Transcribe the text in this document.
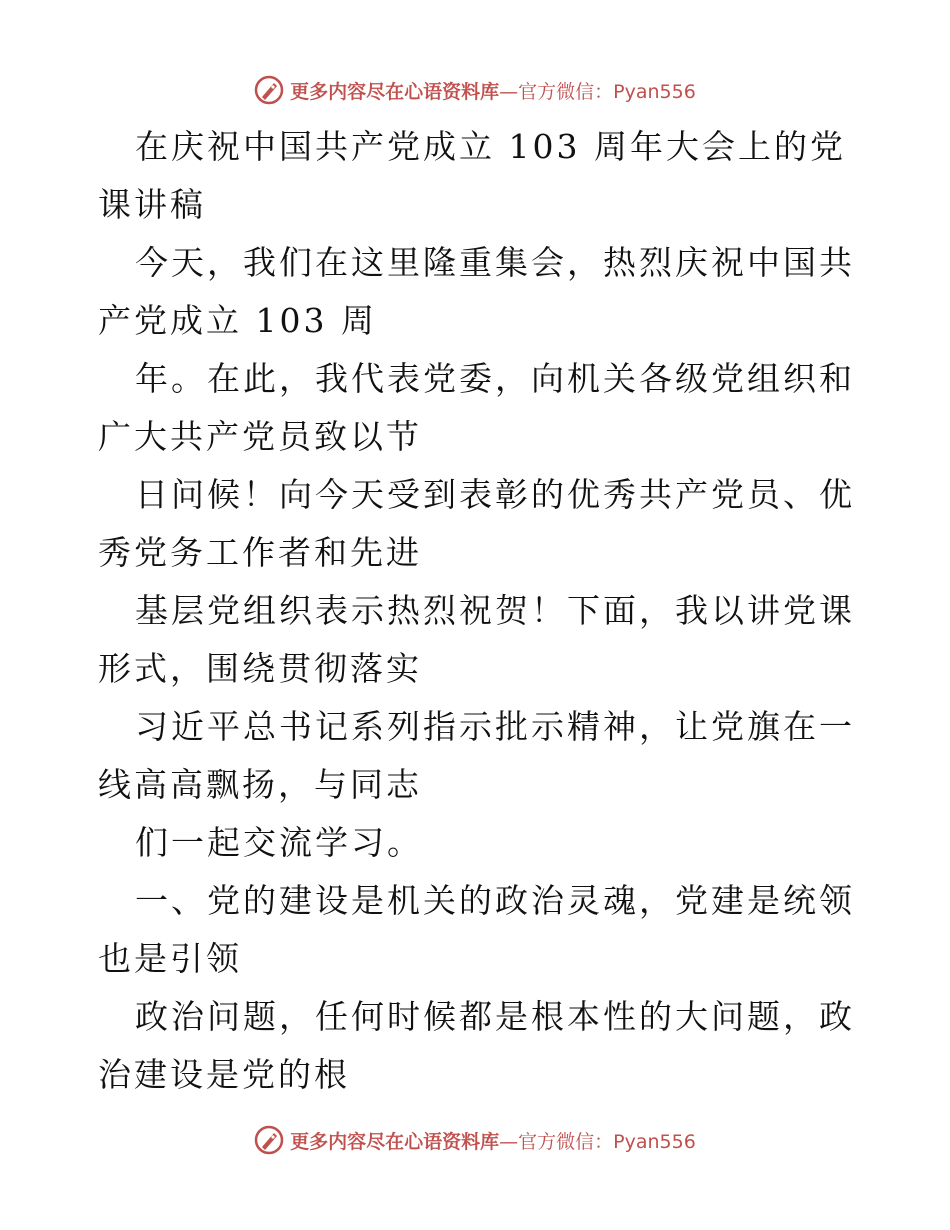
更多内容尽在心语资料库—官方微信：Pyan556

在庆祝中国共产党成立 103 周年大会上的党课讲稿

今天，我们在这里隆重集会，热烈庆祝中国共产党成立 103 周

年。在此，我代表党委，向机关各级党组织和广大共产党员致以节

日问候！向今天受到表彰的优秀共产党员、优秀党务工作者和先进

基层党组织表示热烈祝贺！下面，我以讲党课形式，围绕贯彻落实

习近平总书记系列指示批示精神，让党旗在一线高高飘扬，与同志

们一起交流学习。

一、党的建设是机关的政治灵魂，党建是统领也是引领

政治问题，任何时候都是根本性的大问题，政治建设是党的根

更多内容尽在心语资料库—官方微信：Pyan556
